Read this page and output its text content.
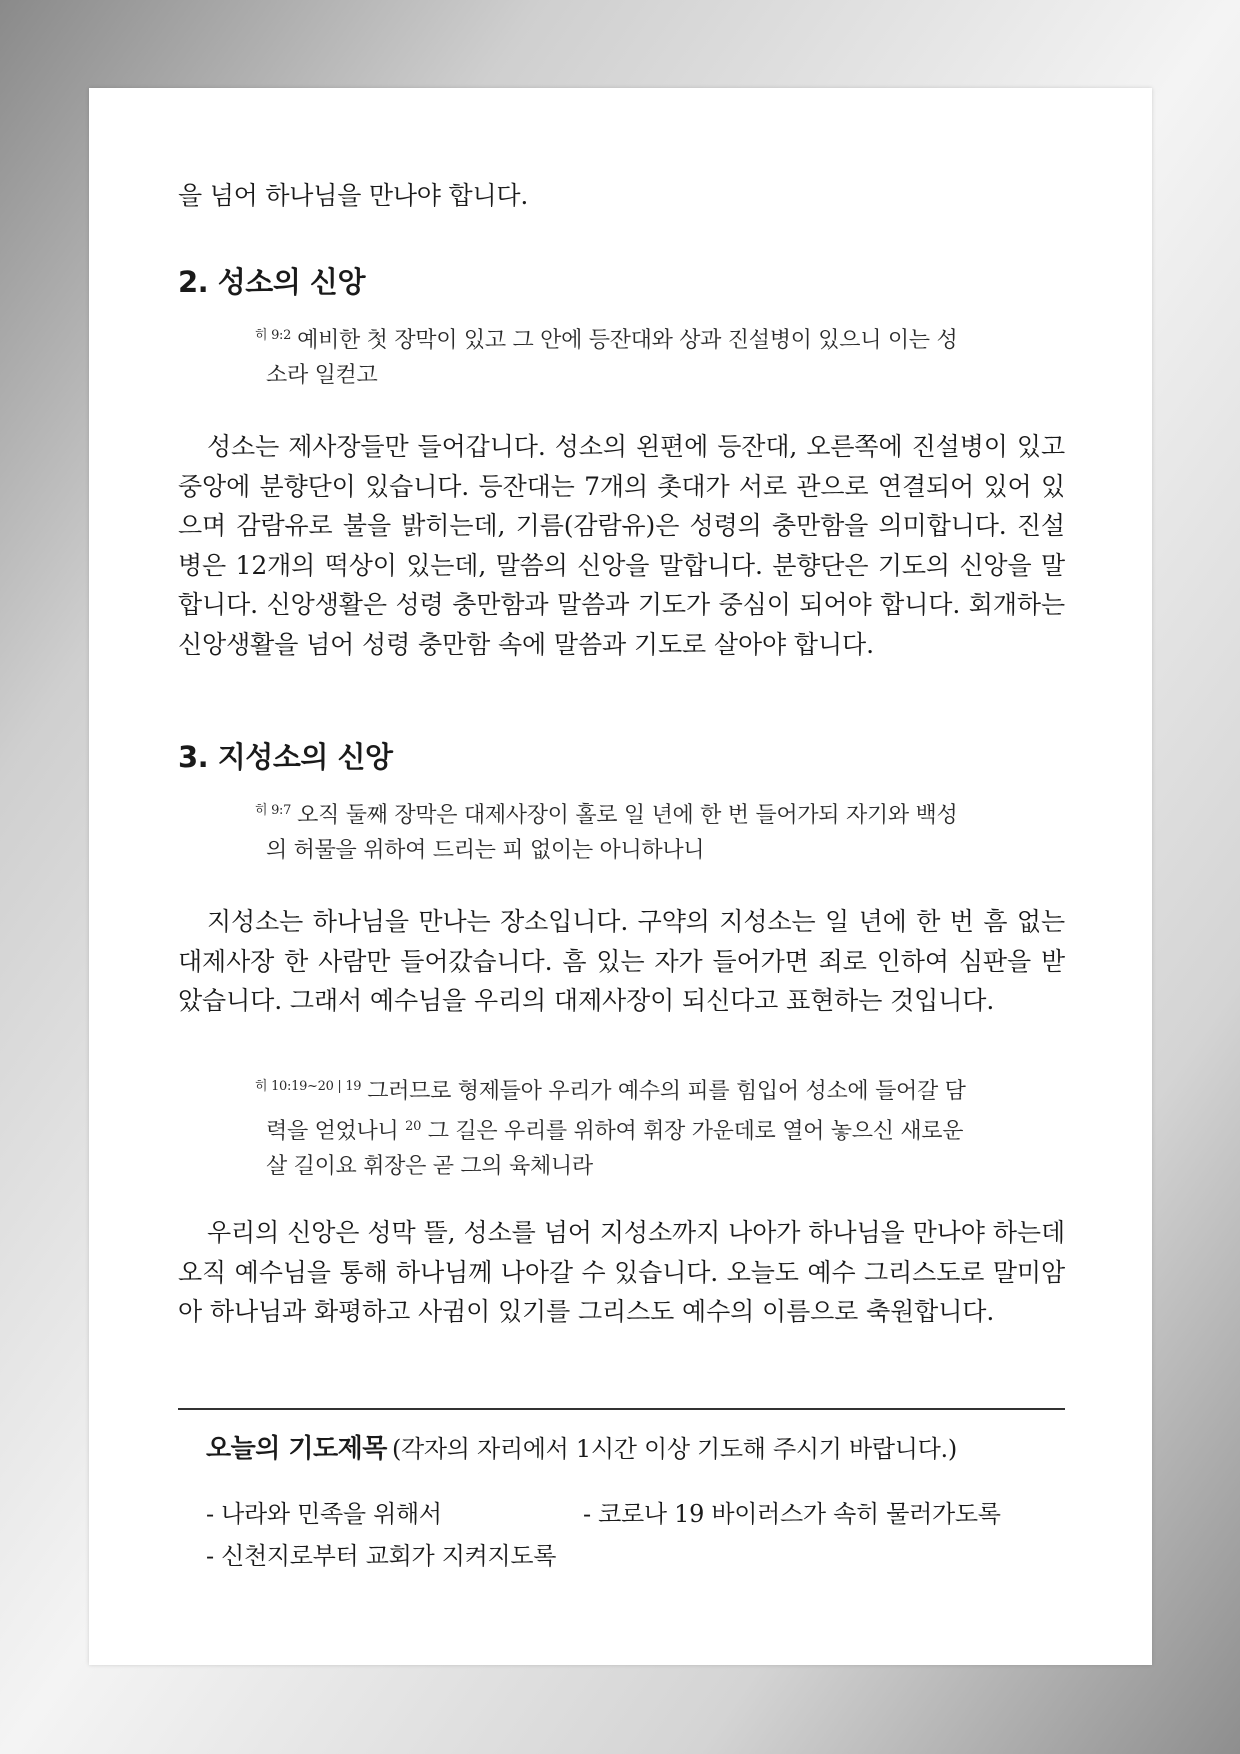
을 넘어 하나님을 만나야 합니다.
2. 성소의 신앙
$^{히 9:2}$ 예비한 첫 장막이 있고 그 안에 등잔대와 상과 진설병이 있으니 이는 성
소라 일컫고
성소는 제사장들만 들어갑니다. 성소의 왼편에 등잔대, 오른쪽에 진설병이 있고 중앙에 분향단이 있습니다. 등잔대는 7개의 촛대가 서로 관으로 연결되어 있어 있으며 감람유로 불을 밝히는데, 기름(감람유)은 성령의 충만함을 의미합니다. 진설병은 12개의 떡상이 있는데, 말씀의 신앙을 말합니다. 분향단은 기도의 신앙을 말합니다. 신앙생활은 성령 충만함과 말씀과 기도가 중심이 되어야 합니다. 회개하는 신앙생활을 넘어 성령 충만함 속에 말씀과 기도로 살아야 합니다.
3. 지성소의 신앙
$^{히 9:7}$ 오직 둘째 장막은 대제사장이 홀로 일 년에 한 번 들어가되 자기와 백성
의 허물을 위하여 드리는 피 없이는 아니하나니
지성소는 하나님을 만나는 장소입니다. 구약의 지성소는 일 년에 한 번 흠 없는 대제사장 한 사람만 들어갔습니다. 흠 있는 자가 들어가면 죄로 인하여 심판을 받았습니다. 그래서 예수님을 우리의 대제사장이 되신다고 표현하는 것입니다.
$^{히 10:19\sim 20 | 19}$ 그러므로 형제들아 우리가 예수의 피를 힘입어 성소에 들어갈 담
력을 얻었나니 $^{20}$ 그 길은 우리를 위하여 휘장 가운데로 열어 놓으신 새로운
살 길이요 휘장은 곧 그의 육체니라
우리의 신앙은 성막 뜰, 성소를 넘어 지성소까지 나아가 하나님을 만나야 하는데 오직 예수님을 통해 하나님께 나아갈 수 있습니다. 오늘도 예수 그리스도로 말미암아 하나님과 화평하고 사귐이 있기를 그리스도 예수의 이름으로 축원합니다.
오늘의 기도제목 (각자의 자리에서 1시간 이상 기도해 주시기 바랍니다.)
- 나라와 민족을 위해서	- 코로나 19 바이러스가 속히 물러가도록
- 신천지로부터 교회가 지켜지도록
